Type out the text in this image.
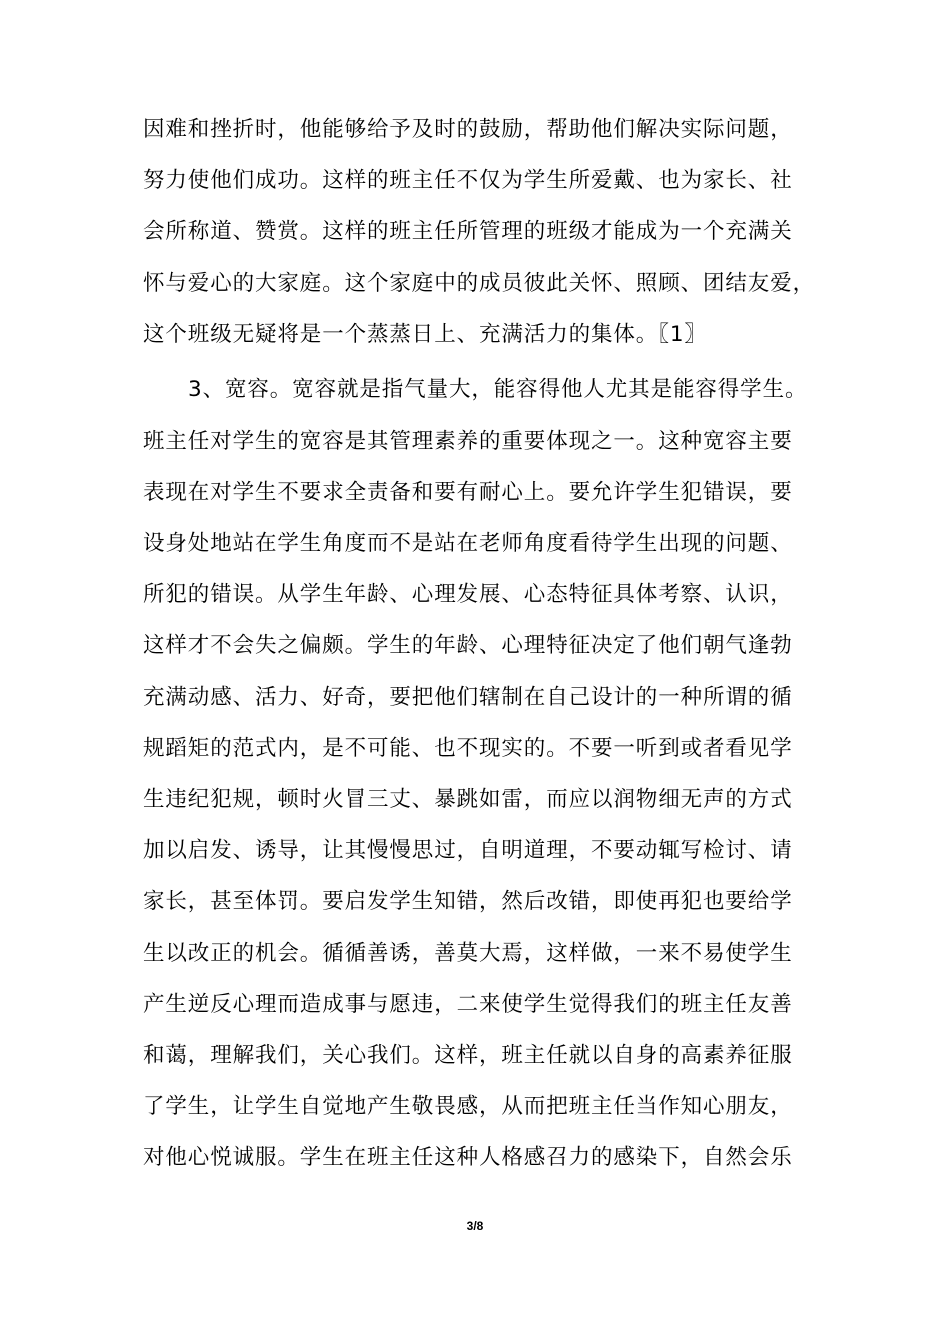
因难和挫折时，他能够给予及时的鼓励，帮助他们解决实际问题，
努力使他们成功。这样的班主任不仅为学生所爱戴、也为家长、社
会所称道、赞赏。这样的班主任所管理的班级才能成为一个充满关
怀与爱心的大家庭。这个家庭中的成员彼此关怀、照顾、团结友爱，
这个班级无疑将是一个蒸蒸日上、充满活力的集体。〖1〗
3、宽容。宽容就是指气量大，能容得他人尤其是能容得学生。
班主任对学生的宽容是其管理素养的重要体现之一。这种宽容主要
表现在对学生不要求全责备和要有耐心上。要允许学生犯错误，要
设身处地站在学生角度而不是站在老师角度看待学生出现的问题、
所犯的错误。从学生年龄、心理发展、心态特征具体考察、认识，
这样才不会失之偏颇。学生的年龄、心理特征决定了他们朝气逢勃
充满动感、活力、好奇，要把他们辖制在自己设计的一种所谓的循
规蹈矩的范式内，是不可能、也不现实的。不要一听到或者看见学
生违纪犯规，顿时火冒三丈、暴跳如雷，而应以润物细无声的方式
加以启发、诱导，让其慢慢思过，自明道理，不要动辄写检讨、请
家长，甚至体罚。要启发学生知错，然后改错，即使再犯也要给学
生以改正的机会。循循善诱，善莫大焉，这样做，一来不易使学生
产生逆反心理而造成事与愿违，二来使学生觉得我们的班主任友善
和蔼，理解我们，关心我们。这样，班主任就以自身的高素养征服
了学生，让学生自觉地产生敬畏感，从而把班主任当作知心朋友，
对他心悦诚服。学生在班主任这种人格感召力的感染下，自然会乐
3/8
